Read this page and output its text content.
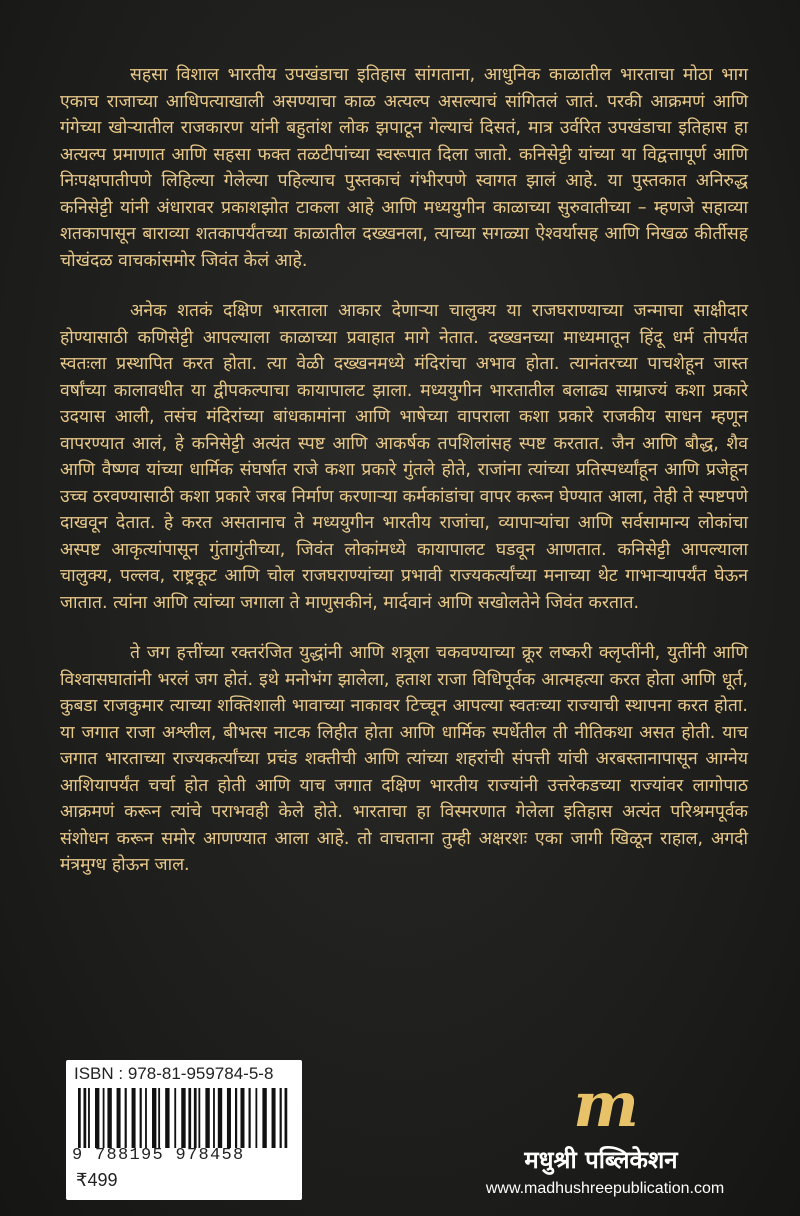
सहसा विशाल भारतीय उपखंडाचा इतिहास सांगताना, आधुनिक काळातील भारताचा मोठा भाग एकाच राजाच्या आधिपत्याखाली असण्याचा काळ अत्यल्प असल्याचं सांगितलं जातं. परकी आक्रमणं आणि गंगेच्या खोऱ्यातील राजकारण यांनी बहुतांश लोक झपाटून गेल्याचं दिसतं, मात्र उर्वरित उपखंडाचा इतिहास हा अत्यल्प प्रमाणात आणि सहसा फक्त तळटीपांच्या स्वरूपात दिला जातो. कनिसेट्टी यांच्या या विद्वत्तापूर्ण आणि निःपक्षपातीपणे लिहिल्या गेलेल्या पहिल्याच पुस्तकाचं गंभीरपणे स्वागत झालं आहे. या पुस्तकात अनिरुद्ध कनिसेट्टी यांनी अंधारावर प्रकाशझोत टाकला आहे आणि मध्ययुगीन काळाच्या सुरुवातीच्या – म्हणजे सहाव्या शतकापासून बाराव्या शतकापर्यंतच्या काळातील दख्खनला, त्याच्या सगळ्या ऐश्वर्यासह आणि निखळ कीर्तीसह चोखंदळ वाचकांसमोर जिवंत केलं आहे.

अनेक शतकं दक्षिण भारताला आकार देणाऱ्या चालुक्य या राजघराण्याच्या जन्माचा साक्षीदार होण्यासाठी कणिसेट्टी आपल्याला काळाच्या प्रवाहात मागे नेतात. दख्खनच्या माध्यमातून हिंदू धर्म तोपर्यंत स्वतःला प्रस्थापित करत होता. त्या वेळी दख्खनमध्ये मंदिरांचा अभाव होता. त्यानंतरच्या पाचशेहून जास्त वर्षांच्या कालावधीत या द्वीपकल्पाचा कायापालट झाला. मध्ययुगीन भारतातील बलाढ्य साम्राज्यं कशा प्रकारे उदयास आली, तसंच मंदिरांच्या बांधकामांना आणि भाषेच्या वापराला कशा प्रकारे राजकीय साधन म्हणून वापरण्यात आलं, हे कनिसेट्टी अत्यंत स्पष्ट आणि आकर्षक तपशिलांसह स्पष्ट करतात. जैन आणि बौद्ध, शैव आणि वैष्णव यांच्या धार्मिक संघर्षात राजे कशा प्रकारे गुंतले होते, राजांना त्यांच्या प्रतिस्पर्ध्यांहून आणि प्रजेहून उच्च ठरवण्यासाठी कशा प्रकारे जरब निर्माण करणाऱ्या कर्मकांडांचा वापर करून घेण्यात आला, तेही ते स्पष्टपणे दाखवून देतात. हे करत असतानाच ते मध्ययुगीन भारतीय राजांचा, व्यापाऱ्यांचा आणि सर्वसामान्य लोकांचा अस्पष्ट आकृत्यांपासून गुंतागुंतीच्या, जिवंत लोकांमध्ये कायापालट घडवून आणतात. कनिसेट्टी आपल्याला चालुक्य, पल्लव, राष्ट्रकूट आणि चोल राजघराण्यांच्या प्रभावी राज्यकर्त्यांच्या मनाच्या थेट गाभाऱ्यापर्यंत घेऊन जातात. त्यांना आणि त्यांच्या जगाला ते माणुसकीनं, मार्दवानं आणि सखोलतेने जिवंत करतात.

ते जग हत्तींच्या रक्तरंजित युद्धांनी आणि शत्रूला चकवण्याच्या क्रूर लष्करी क्लृप्तींनी, युतींनी आणि विश्वासघातांनी भरलं जग होतं. इथे मनोभंग झालेला, हताश राजा विधिपूर्वक आत्महत्या करत होता आणि धूर्त, कुबडा राजकुमार त्याच्या शक्तिशाली भावाच्या नाकावर टिच्चून आपल्या स्वतःच्या राज्याची स्थापना करत होता. या जगात राजा अश्लील, बीभत्स नाटक लिहीत होता आणि धार्मिक स्पर्धेतील ती नीतिकथा असत होती. याच जगात भारताच्या राज्यकर्त्यांच्या प्रचंड शक्तीची आणि त्यांच्या शहरांची संपत्ती यांची अरबस्तानापासून आग्नेय आशियापर्यंत चर्चा होत होती आणि याच जगात दक्षिण भारतीय राज्यांनी उत्तरेकडच्या राज्यांवर लागोपाठ आक्रमणं करून त्यांचे पराभवही केले होते. भारताचा हा विस्मरणात गेलेला इतिहास अत्यंत परिश्रमपूर्वक संशोधन करून समोर आणण्यात आला आहे. तो वाचताना तुम्ही अक्षरशः एका जागी खिळून राहाल, अगदी मंत्रमुग्ध होऊन जाल.

ISBN : 978-81-959784-5-8
9 788195 978458
₹499
m
मधुश्री पब्लिकेशन
www.madhushreepublication.com
